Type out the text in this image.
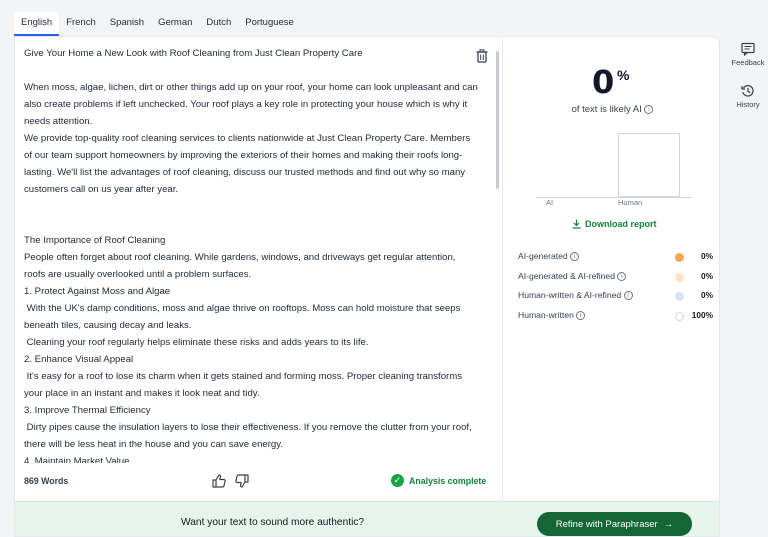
English	French	Spanish	German	Dutch	Portuguese

Give Your Home a New Look with Roof Cleaning from Just Clean Property Care

When moss, algae, lichen, dirt or other things add up on your roof, your home can look unpleasant and can also create problems if left unchecked. Your roof plays a key role in protecting your house which is why it needs attention.

We provide top-quality roof cleaning services to clients nationwide at Just Clean Property Care. Members of our team support homeowners by improving the exteriors of their homes and making their roofs long-lasting. We'll list the advantages of roof cleaning, discuss our trusted methods and find out why so many customers call on us year after year.

The Importance of Roof Cleaning

People often forget about roof cleaning. While gardens, windows, and driveways get regular attention, roofs are usually overlooked until a problem surfaces.

1. Protect Against Moss and Algae

With the UK's damp conditions, moss and algae thrive on rooftops. Moss can hold moisture that seeps beneath tiles, causing decay and leaks.

Cleaning your roof regularly helps eliminate these risks and adds years to its life.

2. Enhance Visual Appeal

It's easy for a roof to lose its charm when it gets stained and forming moss. Proper cleaning transforms your place in an instant and makes it look neat and tidy.

3. Improve Thermal Efficiency

Dirty pipes cause the insulation layers to lose their effectiveness. If you remove the clutter from your roof, there will be less heat in the house and you can save energy.

4. Maintain Market Value

869 Words	✓ Analysis complete
0 %
of text is likely AI i
AI	Human
Download report
AI-generated i	0%
AI-generated & AI-refined i	0%
Human-written & AI-refined i	0%
Human-written i	100%
Want your text to sound more authentic?	Refine with Paraphraser →
Feedback
History
